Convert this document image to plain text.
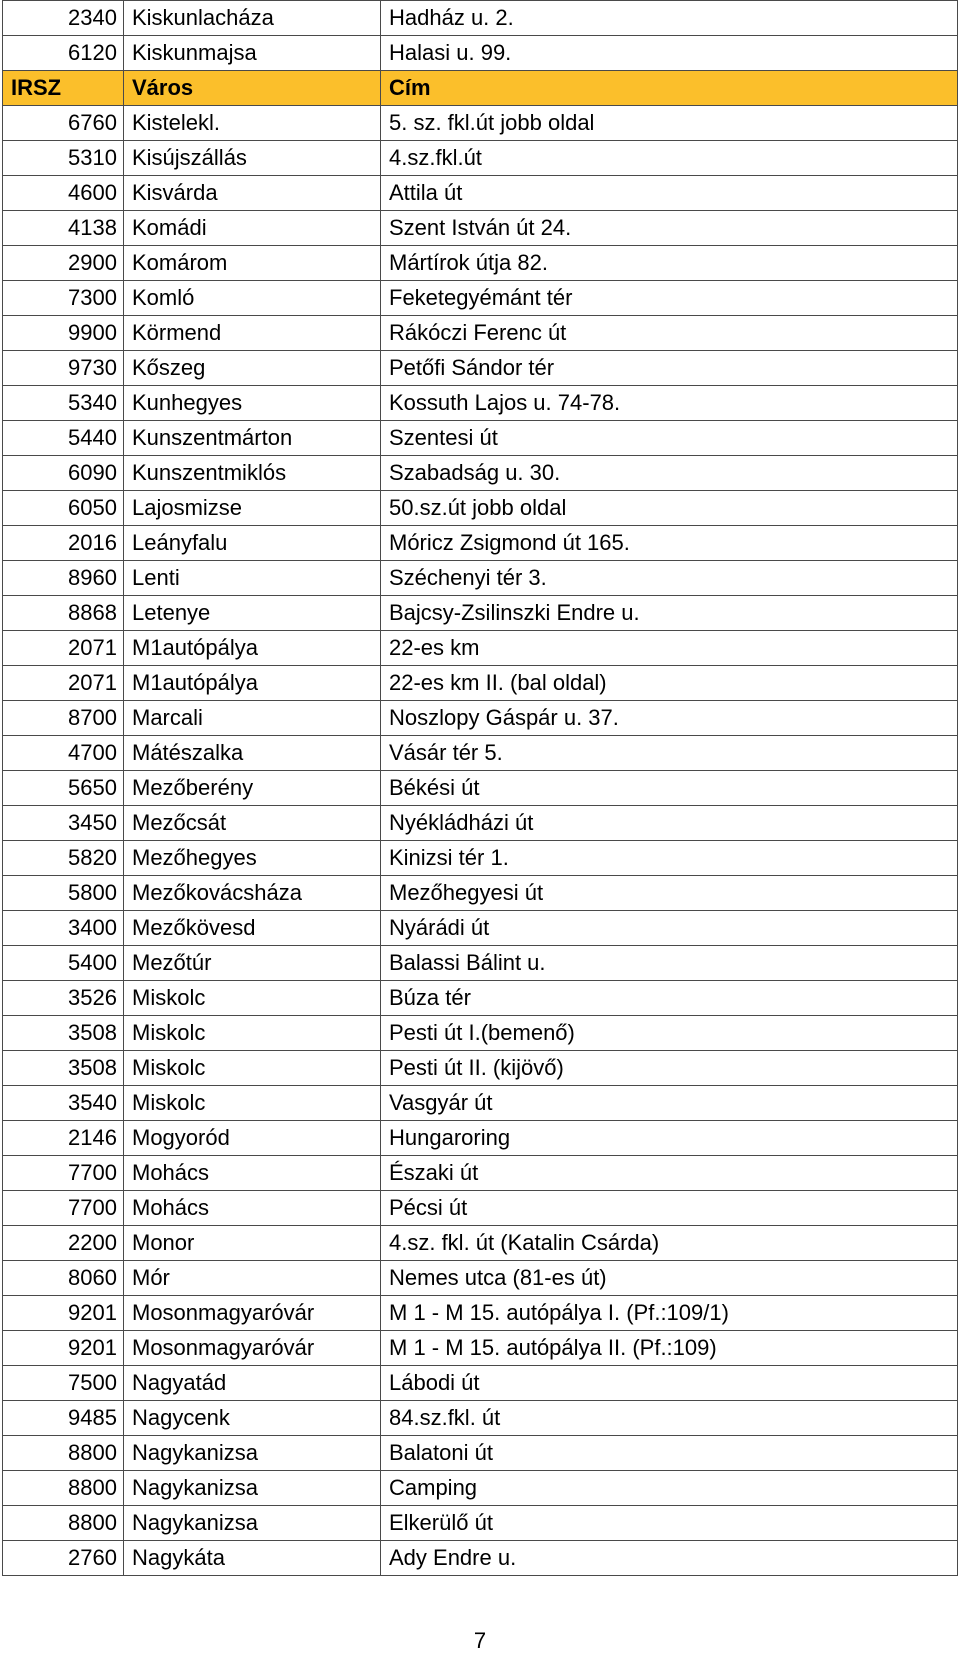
2340	Kiskunlacháza	Hadház u. 2.
6120	Kiskunmajsa	Halasi u. 99.
IRSZ	Város	Cím
6760	Kistelekl.	5. sz. fkl.út jobb oldal
5310	Kisújszállás	4.sz.fkl.út
4600	Kisvárda	Attila út
4138	Komádi	Szent István út 24.
2900	Komárom	Mártírok útja 82.
7300	Komló	Feketegyémánt tér
9900	Körmend	Rákóczi Ferenc út
9730	Kőszeg	Petőfi Sándor tér
5340	Kunhegyes	Kossuth Lajos u. 74-78.
5440	Kunszentmárton	Szentesi út
6090	Kunszentmiklós	Szabadság u. 30.
6050	Lajosmizse	50.sz.út jobb oldal
2016	Leányfalu	Móricz Zsigmond út 165.
8960	Lenti	Széchenyi tér 3.
8868	Letenye	Bajcsy-Zsilinszki Endre u.
2071	M1autópálya	22-es km
2071	M1autópálya	22-es km II. (bal oldal)
8700	Marcali	Noszlopy Gáspár u. 37.
4700	Mátészalka	Vásár tér 5.
5650	Mezőberény	Békési út
3450	Mezőcsát	Nyékládházi út
5820	Mezőhegyes	Kinizsi tér 1.
5800	Mezőkovácsháza	Mezőhegyesi út
3400	Mezőkövesd	Nyárádi út
5400	Mezőtúr	Balassi Bálint u.
3526	Miskolc	Búza tér
3508	Miskolc	Pesti út I.(bemenő)
3508	Miskolc	Pesti út II. (kijövő)
3540	Miskolc	Vasgyár út
2146	Mogyoród	Hungaroring
7700	Mohács	Északi út
7700	Mohács	Pécsi út
2200	Monor	4.sz. fkl. út (Katalin Csárda)
8060	Mór	Nemes utca (81-es út)
9201	Mosonmagyaróvár	M 1 - M 15. autópálya I. (Pf.:109/1)
9201	Mosonmagyaróvár	M 1 - M 15. autópálya II. (Pf.:109)
7500	Nagyatád	Lábodi út
9485	Nagycenk	84.sz.fkl. út
8800	Nagykanizsa	Balatoni út
8800	Nagykanizsa	Camping
8800	Nagykanizsa	Elkerülő út
2760	Nagykáta	Ady Endre u.
7
